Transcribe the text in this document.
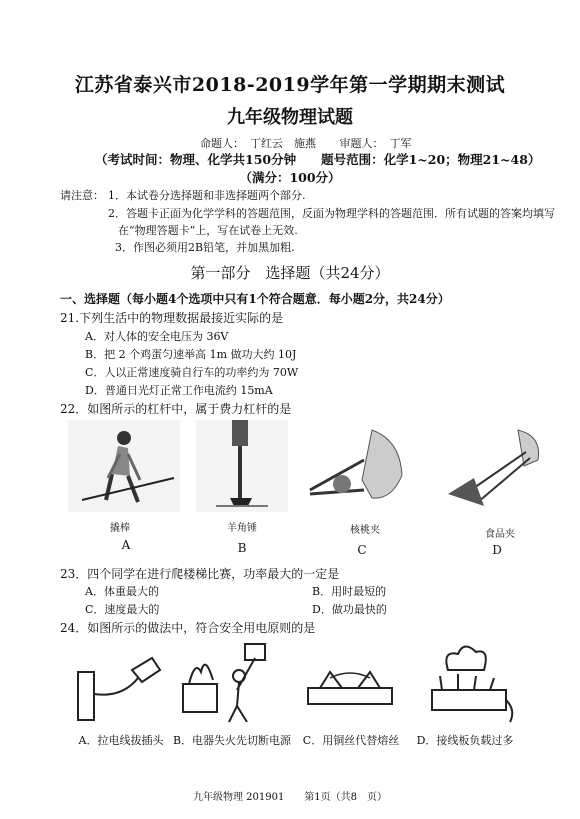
江苏省泰兴市2018-2019学年第一学期期末测试
九年级物理试题
命题人： 丁红云　施燕 审题人： 丁军
（考试时间：物理、化学共150分钟　　题号范围：化学1~20；物理21~48）
（满分：100分）
请注意： 1．本试卷分选择题和非选择题两个部分.
2．答题卡正面为化学学科的答题范围，反面为物理学科的答题范围．所有试题的答案均填写
在“物理答题卡”上，写在试卷上无效.
3．作图必须用2B铅笔，并加黑加粗.
第一部分　选择题（共24分）
一、选择题（每小题4个选项中只有1个符合题意．每小题2分，共24分）
21.下列生活中的物理数据最接近实际的是
A．对人体的安全电压为 36V
B．把 2 个鸡蛋匀速举高 1m 做功大约 10J
C．人以正常速度骑自行车的功率约为 70W
D．普通日光灯正常工作电流约 15mA
22．如图所示的杠杆中，属于费力杠杆的是
撬棒	羊角锤	核桃夹	食品夹
A	B	C	D
23．四个同学在进行爬楼梯比赛，功率最大的一定是
A．体重最大的	B．用时最短的
C．速度最大的	D．做功最快的
24．如图所示的做法中，符合安全用电原则的是
A．拉电线拔插头 B．电器失火先切断电源	C．用铜丝代替熔丝	D．接线板负载过多
九年级物理 201901　　第1页（共8　页）
